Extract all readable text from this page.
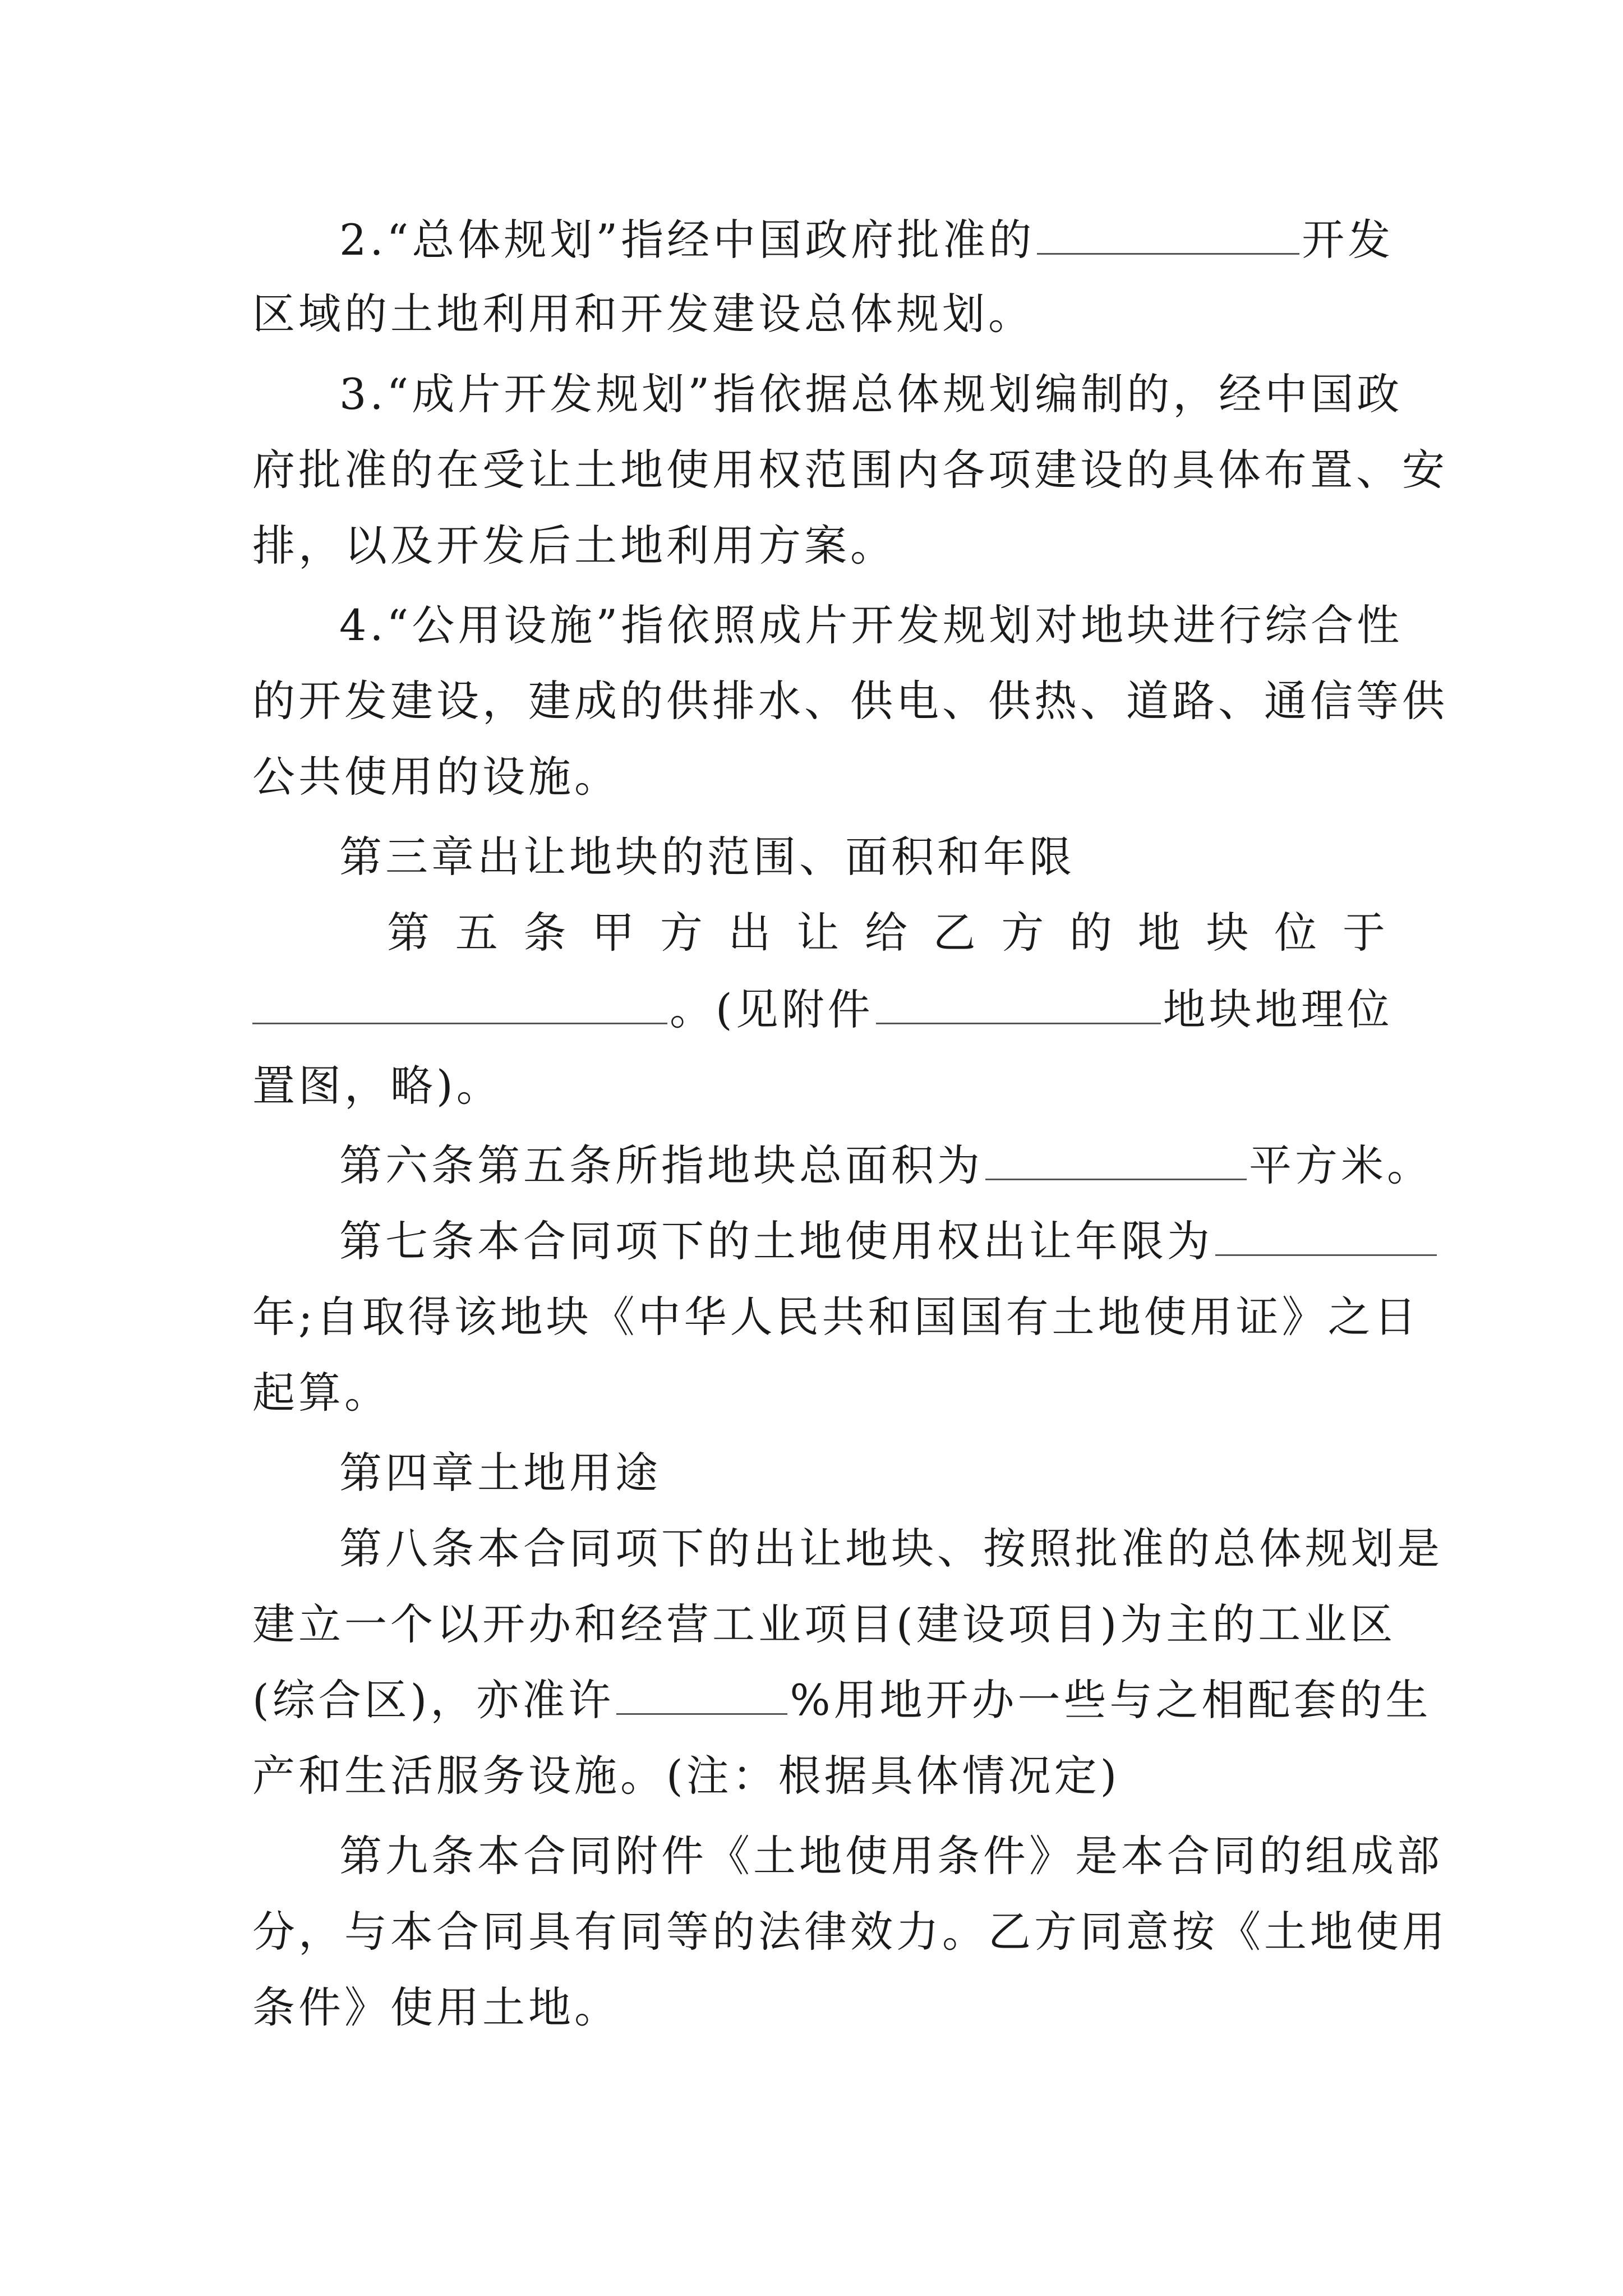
2.“总体规划”指经中国政府批准的	开发
区域的土地利用和开发建设总体规划。
3.“成片开发规划”指依据总体规划编制的，经中国政
府批准的在受让土地使用权范围内各项建设的具体布置、安
排，以及开发后土地利用方案。
4.“公用设施”指依照成片开发规划对地块进行综合性
的开发建设，建成的供排水、供电、供热、道路、通信等供
公共使用的设施。
第三章出让地块的范围、面积和年限
第 五 条 甲 方 出 让 给 乙 方 的 地 块 位 于
。(见附件	地块地理位
置图，略)。
第六条第五条所指地块总面积为	平方米。
第七条本合同项下的土地使用权出让年限为
年;自取得该地块《中华人民共和国国有土地使用证》之日
起算。
第四章土地用途
第八条本合同项下的出让地块、按照批准的总体规划是
建立一个以开办和经营工业项目(建设项目)为主的工业区
(综合区)，亦准许	%用地开办一些与之相配套的生
产和生活服务设施。(注：根据具体情况定)
第九条本合同附件《土地使用条件》是本合同的组成部
分，与本合同具有同等的法律效力。乙方同意按《土地使用
条件》使用土地。
